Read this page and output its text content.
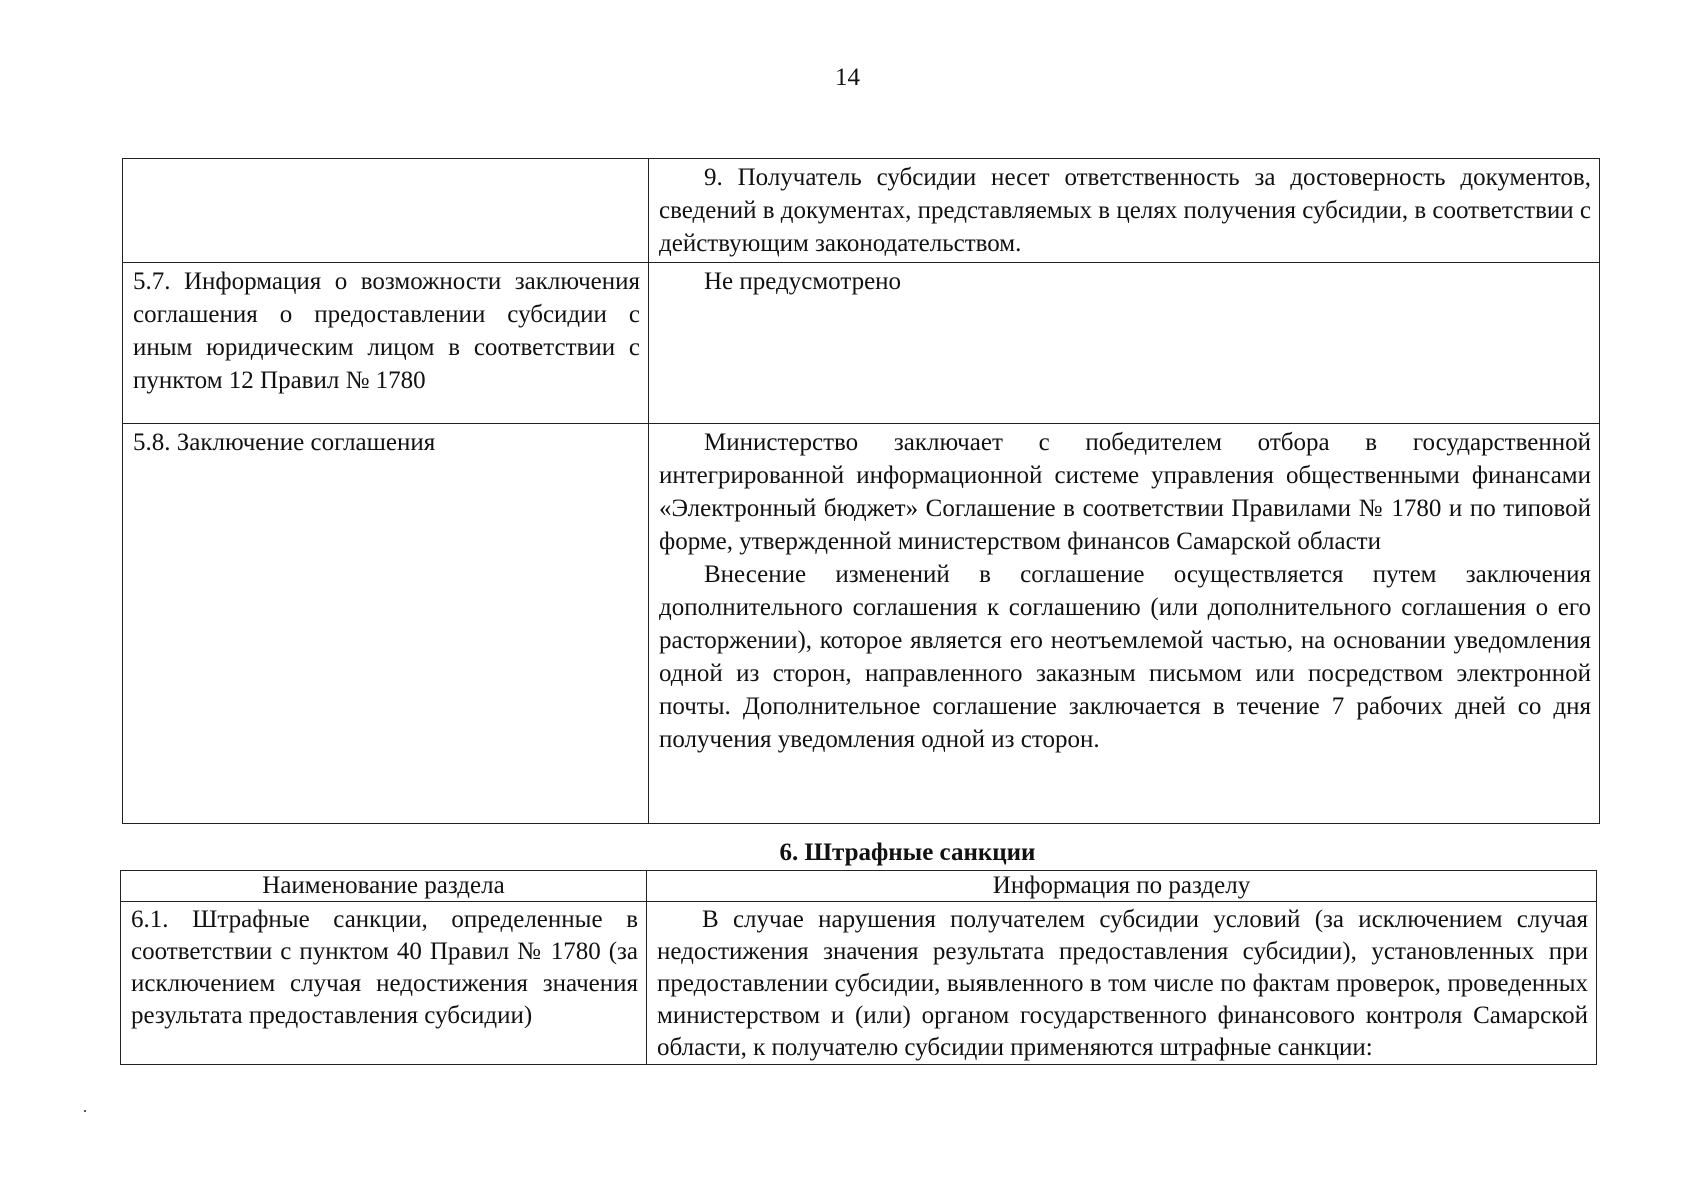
14

	9. Получатель субсидии несет ответственность за достоверность документов, сведений в документах, представляемых в целях получения субсидии, в соответствии с действующим законодательством.

5.7. Информация о возможности заключения соглашения о предоставлении субсидии с иным юридическим лицом в соответствии с пунктом 12 Правил № 1780	Не предусмотрено

5.8. Заключение соглашения	Министерство заключает с победителем отбора в государственной интегрированной информационной системе управления общественными финансами «Электронный бюджет» Соглашение в соответствии Правилами № 1780 и по типовой форме, утвержденной министерством финансов Самарской области

Внесение изменений в соглашение осуществляется путем заключения дополнительного соглашения к соглашению (или дополнительного соглашения о его расторжении), которое является его неотъемлемой частью, на основании уведомления одной из сторон, направленного заказным письмом или посредством электронной почты. Дополнительное соглашение заключается в течение 7 рабочих дней со дня получения уведомления одной из сторон.

6. Штрафные санкции
Наименование раздела	Информация по разделу
6.1. Штрафные санкции, определенные в соответствии с пунктом 40 Правил № 1780 (за исключением случая недостижения значения результата предоставления субсидии)	В случае нарушения получателем субсидии условий (за исключением случая недостижения значения результата предоставления субсидии), установленных при предоставлении субсидии, выявленного в том числе по фактам проверок, проведенных министерством и (или) органом государственного финансового контроля Самарской области, к получателю субсидии применяются штрафные санкции:
